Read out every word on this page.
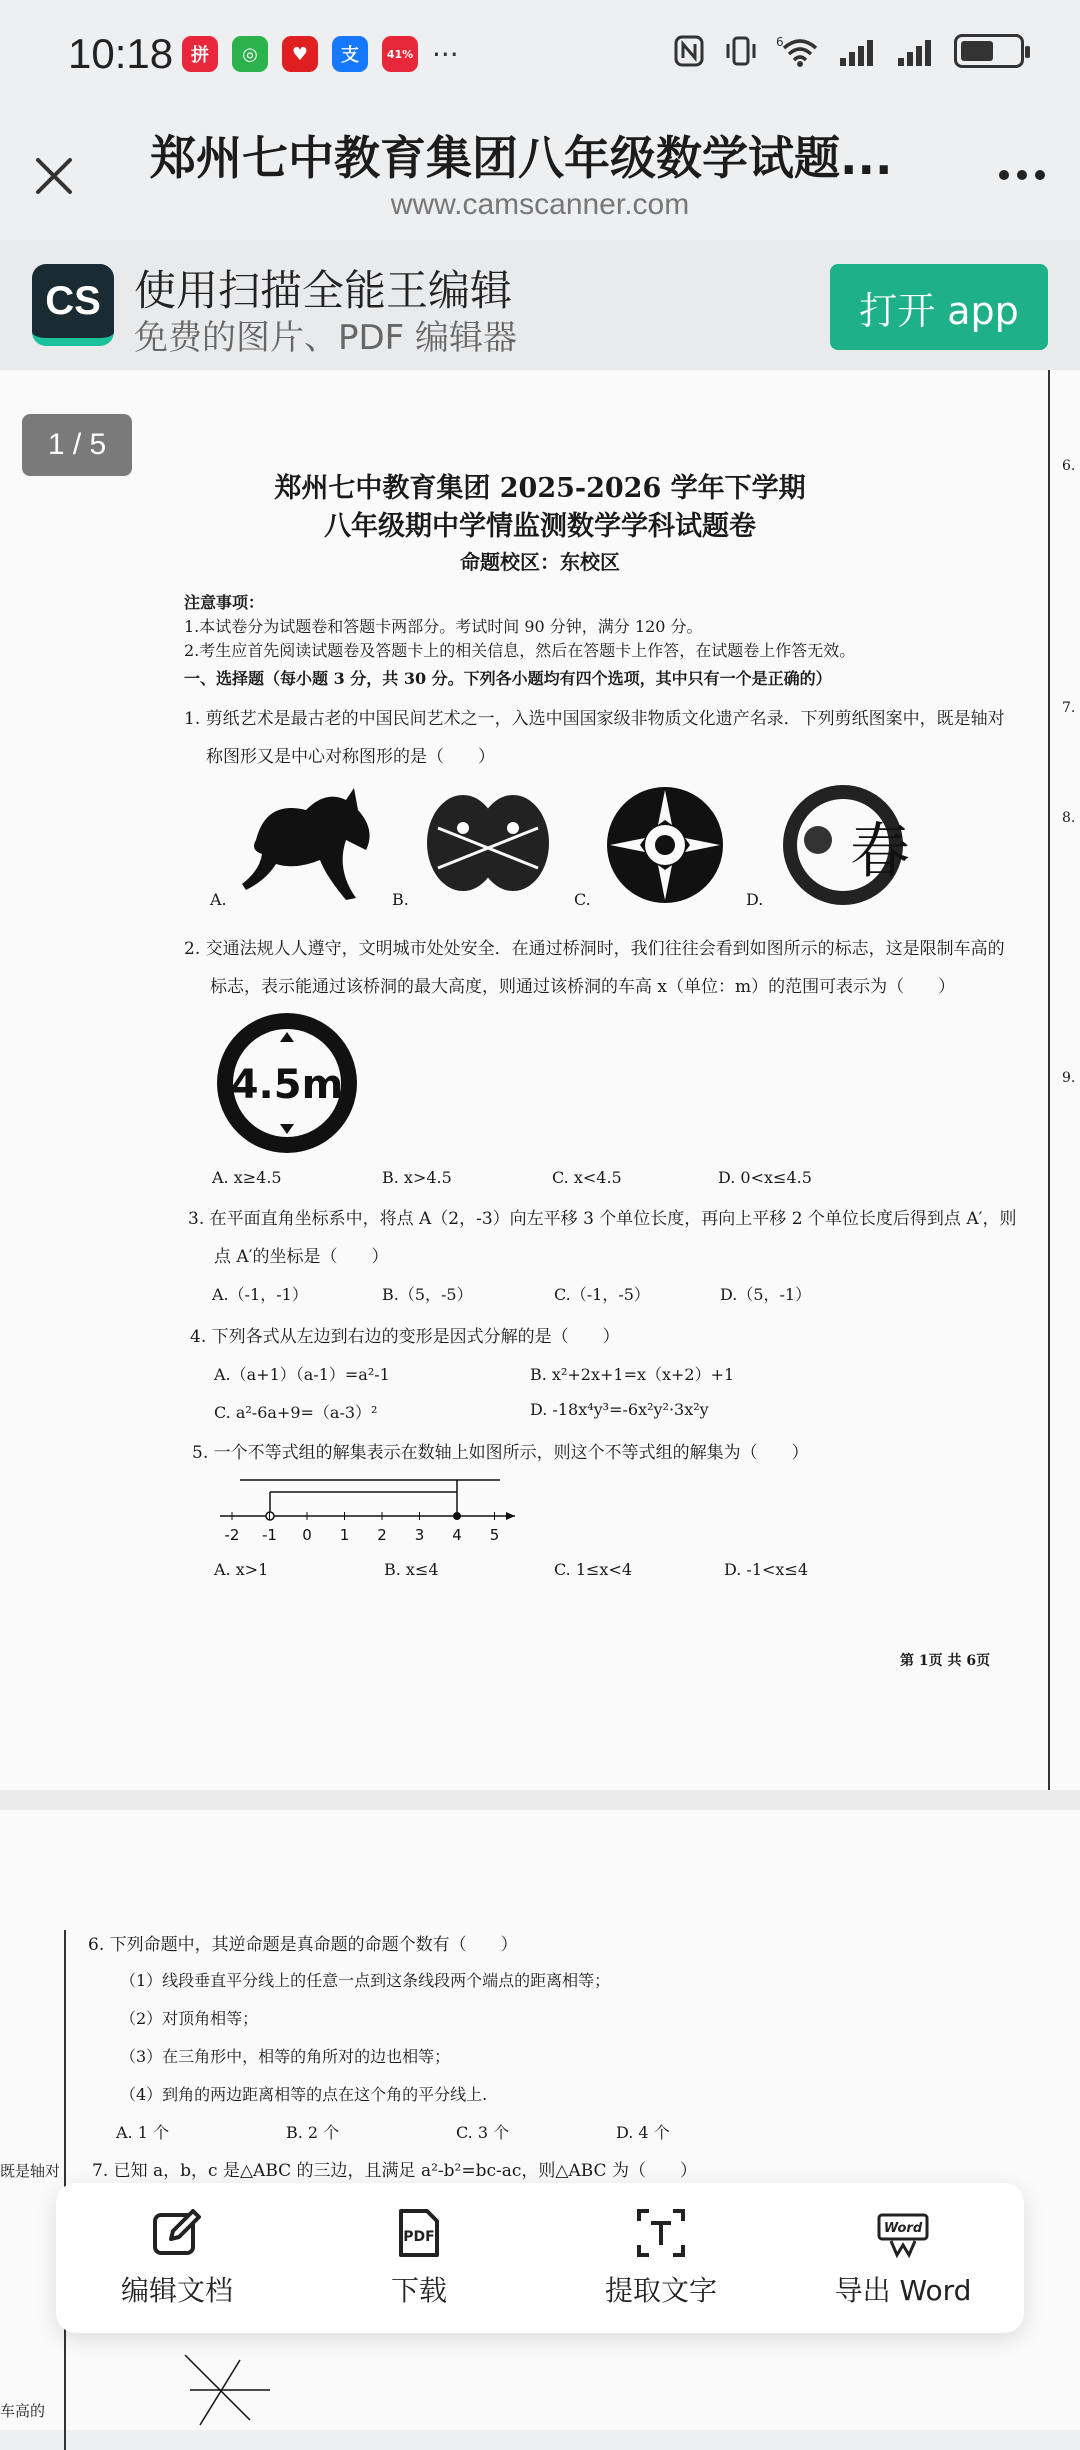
10:18 拼	◎	♥	支	41% ···	6
郑州七中教育集团八年级数学试题...
www.camscanner.com
CS 使用扫描全能王编辑
免费的图片、PDF 编辑器
打开 app
6.
7.
8.
9.
郑州七中教育集团 2025-2026 学年下学期
八年级期中学情监测数学学科试题卷
命题校区：东校区
注意事项：
1.本试卷分为试题卷和答题卡两部分。考试时间 90 分钟，满分 120 分。
2.考生应首先阅读试题卷及答题卡上的相关信息，然后在答题卡上作答，在试题卷上作答无效。
一、选择题（每小题 3 分，共 30 分。下列各小题均有四个选项，其中只有一个是正确的）
1. 剪纸艺术是最古老的中国民间艺术之一，入选中国国家级非物质文化遗产名录．下列剪纸图案中，既是轴对
称图形又是中心对称图形的是（　　）
春
A.	B.	C.	D.
2. 交通法规人人遵守，文明城市处处安全．在通过桥洞时，我们往往会看到如图所示的标志，这是限制车高的
标志，表示能通过该桥洞的最大高度，则通过该桥洞的车高 x（单位：m）的范围可表示为（　　）
4.5m
A. x≥4.5	B. x>4.5	C. x<4.5	D. 0<x≤4.5
3. 在平面直角坐标系中，将点 A（2，-3）向左平移 3 个单位长度，再向上平移 2 个单位长度后得到点 A′，则
点 A′的坐标是（　　）
A.（-1，-1）	B.（5，-5）	C.（-1，-5）	D.（5，-1）
4. 下列各式从左边到右边的变形是因式分解的是（　　）
A.（a+1）（a-1）=a²-1	B. x²+2x+1=x（x+2）+1
C. a²-6a+9=（a-3）²	D. -18x⁴y³=-6x²y²·3x²y
5. 一个不等式组的解集表示在数轴上如图所示，则这个不等式组的解集为（　　）
-2 -1 0 1 2 3 4 5
A. x>1	B. x≤4	C. 1≤x<4	D. -1<x≤4
第 1页 共 6页
1 / 5
6. 下列命题中，其逆命题是真命题的命题个数有（　　）
（1）线段垂直平分线上的任意一点到这条线段两个端点的距离相等；
（2）对顶角相等；
（3）在三角形中，相等的角所对的边也相等；
（4）到角的两边距离相等的点在这个角的平分线上.
A. 1 个	B. 2 个	C. 3 个	D. 4 个
7. 已知 a，b，c 是△ABC 的三边，且满足 a²-b²=bc-ac，则△ABC 为（　　）
既是轴对
车高的
编辑文档
PDF
下载	提取文字
Word
导出 Word
